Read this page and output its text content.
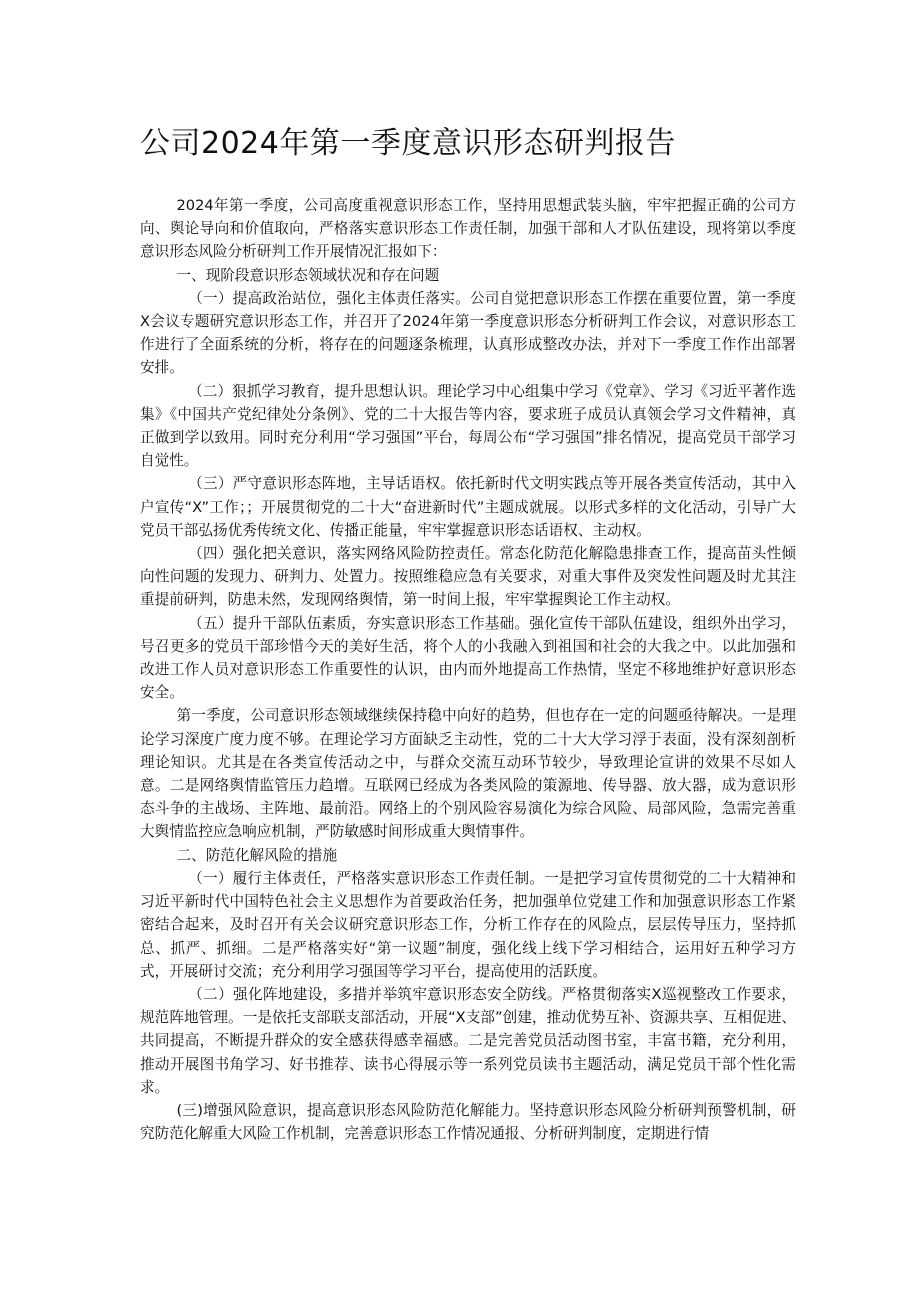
公司2024年第一季度意识形态研判报告

2024年第一季度，公司高度重视意识形态工作，坚持用思想武装头脑，牢牢把握正确的公司方向、舆论导向和价值取向，严格落实意识形态工作责任制，加强干部和人才队伍建设，现将第以季度意识形态风险分析研判工作开展情况汇报如下：

一、现阶段意识形态领域状况和存在问题

（一）提高政治站位，强化主体责任落实。公司自觉把意识形态工作摆在重要位置，第一季度X会议专题研究意识形态工作，并召开了2024年第一季度意识形态分析研判工作会议，对意识形态工作进行了全面系统的分析，将存在的问题逐条梳理，认真形成整改办法，并对下一季度工作作出部署安排。

（二）狠抓学习教育，提升思想认识。理论学习中心组集中学习《党章》、学习《习近平著作选集》《中国共产党纪律处分条例》、党的二十大报告等内容，要求班子成员认真领会学习文件精神，真正做到学以致用。同时充分利用“学习强国”平台，每周公布“学习强国”排名情况，提高党员干部学习自觉性。

（三）严守意识形态阵地，主导话语权。依托新时代文明实践点等开展各类宣传活动，其中入户宣传“X”工作；；开展贯彻党的二十大“奋进新时代”主题成就展。以形式多样的文化活动，引导广大党员干部弘扬优秀传统文化、传播正能量，牢牢掌握意识形态话语权、主动权。

（四）强化把关意识，落实网络风险防控责任。常态化防范化解隐患排查工作，提高苗头性倾向性问题的发现力、研判力、处置力。按照维稳应急有关要求，对重大事件及突发性问题及时尤其注重提前研判，防患未然，发现网络舆情，第一时间上报，牢牢掌握舆论工作主动权。

（五）提升干部队伍素质，夯实意识形态工作基础。强化宣传干部队伍建设，组织外出学习，号召更多的党员干部珍惜今天的美好生活，将个人的小我融入到祖国和社会的大我之中。以此加强和改进工作人员对意识形态工作重要性的认识，由内而外地提高工作热情，坚定不移地维护好意识形态安全。

第一季度，公司意识形态领域继续保持稳中向好的趋势，但也存在一定的问题亟待解决。一是理论学习深度广度力度不够。在理论学习方面缺乏主动性，党的二十大大学习浮于表面，没有深刻剖析理论知识。尤其是在各类宣传活动之中，与群众交流互动环节较少，导致理论宣讲的效果不尽如人意。二是网络舆情监管压力趋增。互联网已经成为各类风险的策源地、传导器、放大器，成为意识形态斗争的主战场、主阵地、最前沿。网络上的个别风险容易演化为综合风险、局部风险，急需完善重大舆情监控应急响应机制，严防敏感时间形成重大舆情事件。

二、防范化解风险的措施

（一）履行主体责任，严格落实意识形态工作责任制。一是把学习宣传贯彻党的二十大精神和习近平新时代中国特色社会主义思想作为首要政治任务，把加强单位党建工作和加强意识形态工作紧密结合起来，及时召开有关会议研究意识形态工作，分析工作存在的风险点，层层传导压力，坚持抓总、抓严、抓细。二是严格落实好“第一议题”制度，强化线上线下学习相结合，运用好五种学习方式，开展研讨交流；充分利用学习强国等学习平台，提高使用的活跃度。

（二）强化阵地建设，多措并举筑牢意识形态安全防线。严格贯彻落实X巡视整改工作要求，规范阵地管理。一是依托支部联支部活动，开展“X支部”创建，推动优势互补、资源共享、互相促进、共同提高，不断提升群众的安全感获得感幸福感。二是完善党员活动图书室，丰富书籍，充分利用，推动开展图书角学习、好书推荐、读书心得展示等一系列党员读书主题活动，满足党员干部个性化需求。

(三)增强风险意识，提高意识形态风险防范化解能力。坚持意识形态风险分析研判预警机制，研究防范化解重大风险工作机制，完善意识形态工作情况通报、分析研判制度，定期进行情
